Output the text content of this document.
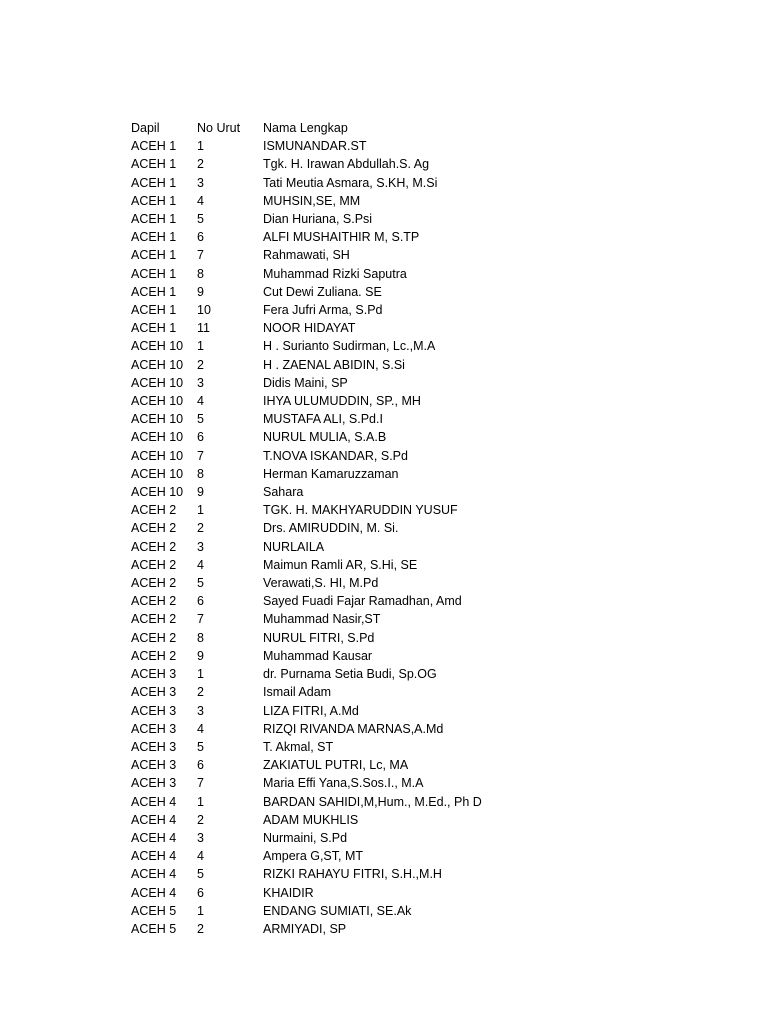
Dapil	No Urut	Nama Lengkap
ACEH 1	1	ISMUNANDAR.ST
ACEH 1	2	Tgk. H. Irawan Abdullah.S. Ag
ACEH 1	3	Tati Meutia Asmara, S.KH, M.Si
ACEH 1	4	MUHSIN,SE, MM
ACEH 1	5	Dian Huriana, S.Psi
ACEH 1	6	ALFI MUSHAITHIR M, S.TP
ACEH 1	7	Rahmawati, SH
ACEH 1	8	Muhammad Rizki Saputra
ACEH 1	9	Cut Dewi Zuliana. SE
ACEH 1	10	Fera Jufri Arma, S.Pd
ACEH 1	11	NOOR HIDAYAT
ACEH 10	1	H . Surianto Sudirman, Lc.,M.A
ACEH 10	2	H . ZAENAL ABIDIN, S.Si
ACEH 10	3	Didis Maini, SP
ACEH 10	4	IHYA ULUMUDDIN, SP., MH
ACEH 10	5	MUSTAFA ALI, S.Pd.I
ACEH 10	6	NURUL MULIA, S.A.B
ACEH 10	7	T.NOVA ISKANDAR, S.Pd
ACEH 10	8	Herman Kamaruzzaman
ACEH 10	9	Sahara
ACEH 2	1	TGK. H. MAKHYARUDDIN YUSUF
ACEH 2	2	Drs. AMIRUDDIN, M. Si.
ACEH 2	3	NURLAILA
ACEH 2	4	Maimun Ramli AR, S.Hi, SE
ACEH 2	5	Verawati,S. HI, M.Pd
ACEH 2	6	Sayed Fuadi Fajar Ramadhan, Amd
ACEH 2	7	Muhammad Nasir,ST
ACEH 2	8	NURUL FITRI, S.Pd
ACEH 2	9	Muhammad Kausar
ACEH 3	1	dr. Purnama Setia Budi, Sp.OG
ACEH 3	2	Ismail Adam
ACEH 3	3	LIZA FITRI, A.Md
ACEH 3	4	RIZQI RIVANDA MARNAS,A.Md
ACEH 3	5	T. Akmal, ST
ACEH 3	6	ZAKIATUL PUTRI, Lc, MA
ACEH 3	7	Maria Effi Yana,S.Sos.I., M.A
ACEH 4	1	BARDAN SAHIDI,M,Hum., M.Ed., Ph D
ACEH 4	2	ADAM MUKHLIS
ACEH 4	3	Nurmaini, S.Pd
ACEH 4	4	Ampera G,ST, MT
ACEH 4	5	RIZKI RAHAYU FITRI, S.H.,M.H
ACEH 4	6	KHAIDIR
ACEH 5	1	ENDANG SUMIATI, SE.Ak
ACEH 5	2	ARMIYADI, SP
